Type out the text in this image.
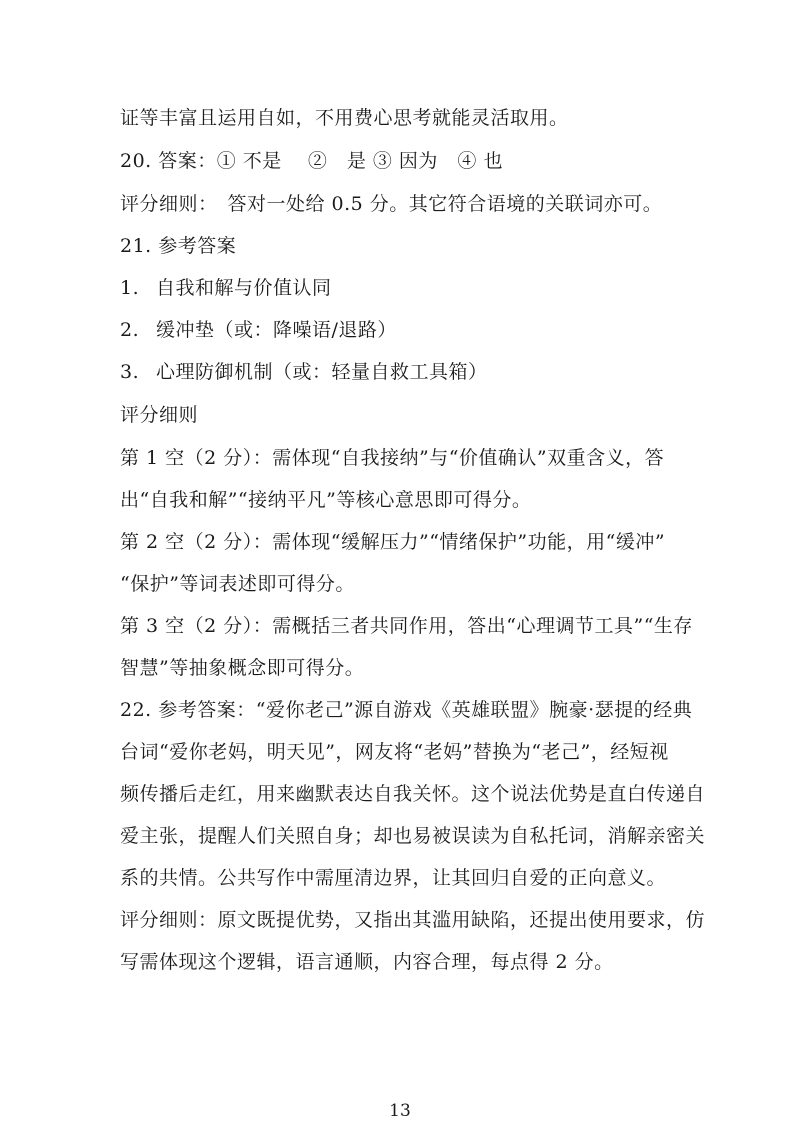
证等丰富且运用自如，不用费心思考就能灵活取用。
20. 答案：① 不是　 ②　是 ③ 因为　④ 也
评分细则：　答对一处给 0.5 分。其它符合语境的关联词亦可。
21. 参考答案
1. 自我和解与价值认同
2. 缓冲垫（或：降噪语/退路）
3. 心理防御机制（或：轻量自救工具箱）
评分细则
第 1 空（2 分）：需体现“自我接纳”与“价值确认”双重含义，答
出“自我和解”“接纳平凡”等核心意思即可得分。
第 2 空（2 分）：需体现“缓解压力”“情绪保护”功能，用“缓冲”
“保护”等词表述即可得分。
第 3 空（2 分）：需概括三者共同作用，答出“心理调节工具”“生存
智慧”等抽象概念即可得分。
22. 参考答案：“爱你老己”源自游戏《英雄联盟》腕豪·瑟提的经典
台词“爱你老妈，明天见”，网友将“老妈”替换为“老己”，经短视
频传播后走红，用来幽默表达自我关怀。这个说法优势是直白传递自
爱主张，提醒人们关照自身；却也易被误读为自私托词，消解亲密关
系的共情。公共写作中需厘清边界，让其回归自爱的正向意义。
评分细则：原文既提优势，又指出其滥用缺陷，还提出使用要求，仿
写需体现这个逻辑，语言通顺，内容合理，每点得 2 分。
13
